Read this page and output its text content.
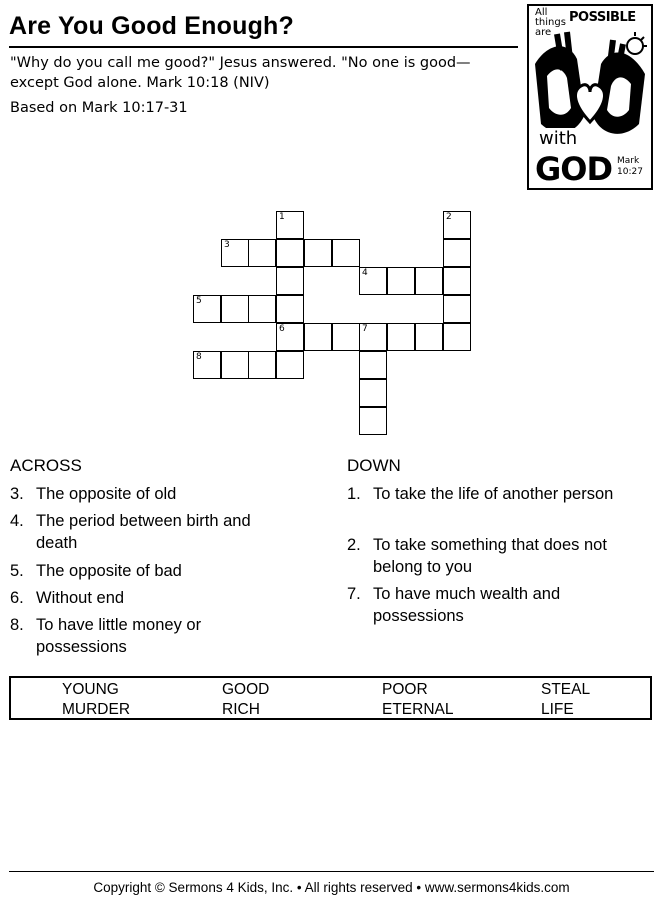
Are You Good Enough?
"Why do you call me good?" Jesus answered. "No one is good—except God alone. Mark 10:18 (NIV)
Based on Mark 10:17-31
All things are
POSSIBLE
with
GOD Mark 10:27
1	2
3
4
5
6	7
8
ACROSS
3. The opposite of old
4. The period between birth and death
5. The opposite of bad
6. Without end
8. To have little money or possessions
DOWN
1. To take the life of another person
2. To take something that does not belong to you
7. To have much wealth and possessions
YOUNG	GOOD	POOR	STEAL
MURDER	RICH	ETERNAL	LIFE
Copyright © Sermons 4 Kids, Inc. • All rights reserved • www.sermons4kids.com
